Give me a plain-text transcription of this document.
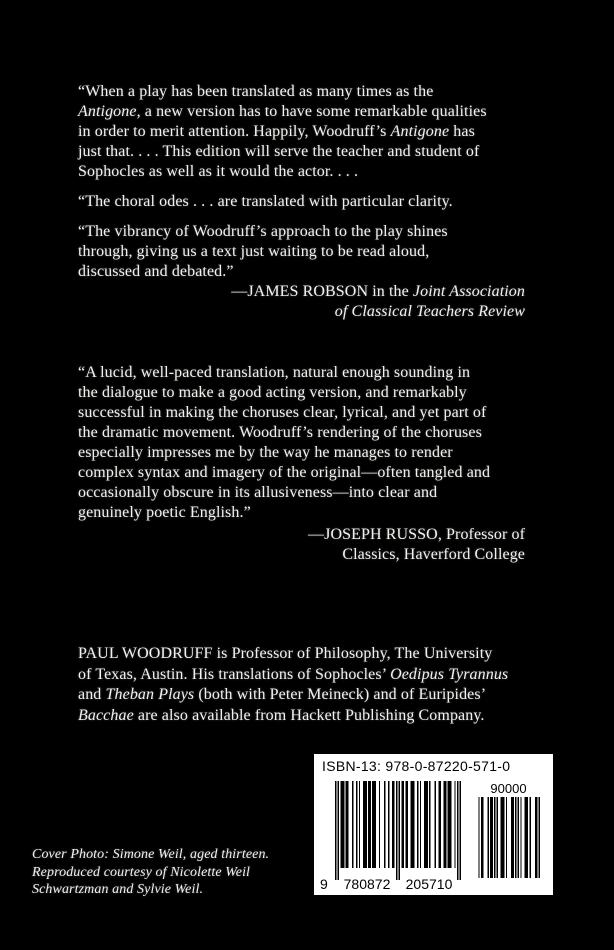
“When a play has been translated as many times as the
Antigone, a new version has to have some remarkable qualities
in order to merit attention. Happily, Woodruff’s Antigone has
just that. . . . This edition will serve the teacher and student of
Sophocles as well as it would the actor. . . .
“The choral odes . . . are translated with particular clarity.
“The vibrancy of Woodruff’s approach to the play shines
through, giving us a text just waiting to be read aloud,
discussed and debated.”
—JAMES ROBSON in the Joint Association
of Classical Teachers Review
“A lucid, well-paced translation, natural enough sounding in
the dialogue to make a good acting version, and remarkably
successful in making the choruses clear, lyrical, and yet part of
the dramatic movement. Woodruff’s rendering of the choruses
especially impresses me by the way he manages to render
complex syntax and imagery of the original—often tangled and
occasionally obscure in its allusiveness—into clear and
genuinely poetic English.”
—JOSEPH RUSSO, Professor of
Classics, Haverford College
PAUL WOODRUFF is Professor of Philosophy, The University
of Texas, Austin. His translations of Sophocles’ Oedipus Tyrannus
and Theban Plays (both with Peter Meineck) and of Euripides’
Bacchae are also available from Hackett Publishing Company.
Cover Photo: Simone Weil, aged thirteen.
Reproduced courtesy of Nicolette Weil
Schwartzman and Sylvie Weil.
ISBN-13: 978-0-87220-571-0
9	780872	205710
90000
